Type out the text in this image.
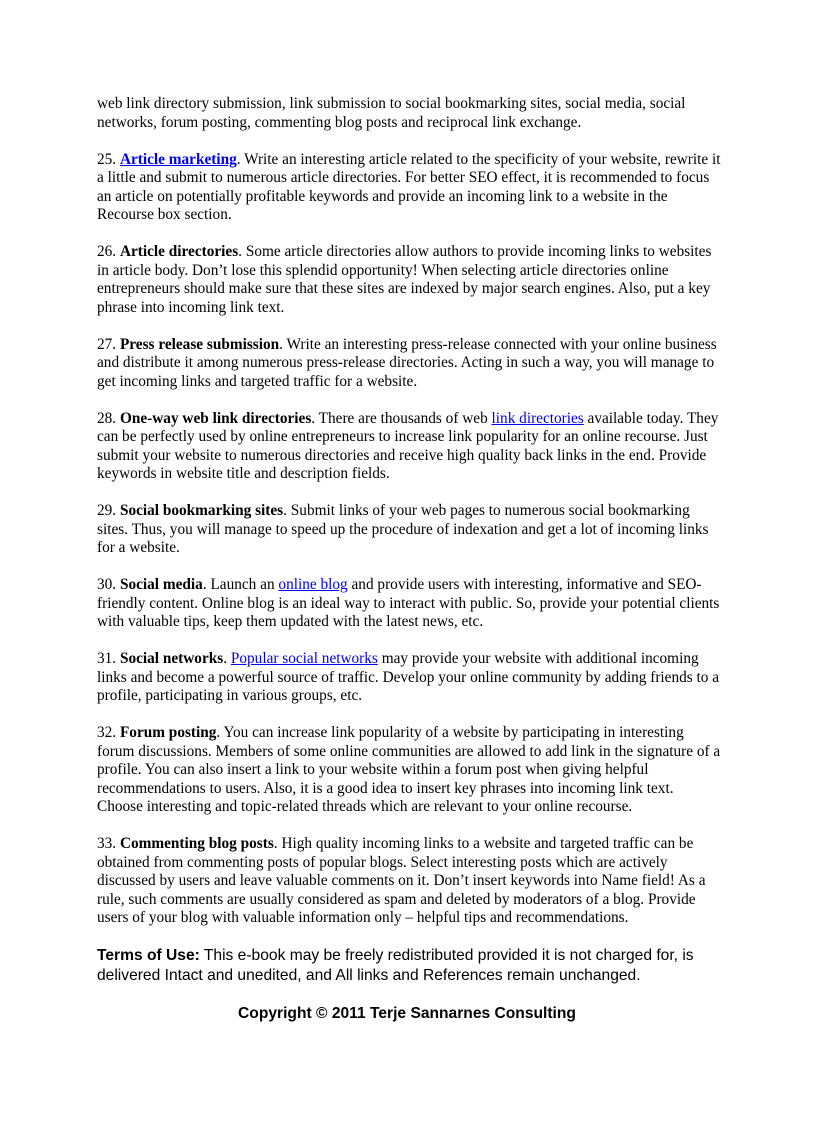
web link directory submission, link submission to social bookmarking sites, social media, social networks, forum posting, commenting blog posts and reciprocal link exchange.

25. Article marketing. Write an interesting article related to the specificity of your website, rewrite it a little and submit to numerous article directories. For better SEO effect, it is recommended to focus an article on potentially profitable keywords and provide an incoming link to a website in the Recourse box section.

26. Article directories. Some article directories allow authors to provide incoming links to websites in article body. Don’t lose this splendid opportunity! When selecting article directories online entrepreneurs should make sure that these sites are indexed by major search engines. Also, put a key phrase into incoming link text.

27. Press release submission. Write an interesting press-release connected with your online business and distribute it among numerous press-release directories. Acting in such a way, you will manage to get incoming links and targeted traffic for a website.

28. One-way web link directories. There are thousands of web link directories available today. They can be perfectly used by online entrepreneurs to increase link popularity for an online recourse. Just submit your website to numerous directories and receive high quality back links in the end. Provide keywords in website title and description fields.

29. Social bookmarking sites. Submit links of your web pages to numerous social bookmarking sites. Thus, you will manage to speed up the procedure of indexation and get a lot of incoming links for a website.

30. Social media. Launch an online blog and provide users with interesting, informative and SEO-friendly content. Online blog is an ideal way to interact with public. So, provide your potential clients with valuable tips, keep them updated with the latest news, etc.

31. Social networks. Popular social networks may provide your website with additional incoming links and become a powerful source of traffic. Develop your online community by adding friends to a profile, participating in various groups, etc.

32. Forum posting. You can increase link popularity of a website by participating in interesting forum discussions. Members of some online communities are allowed to add link in the signature of a profile. You can also insert a link to your website within a forum post when giving helpful recommendations to users. Also, it is a good idea to insert key phrases into incoming link text. Choose interesting and topic-related threads which are relevant to your online recourse.

33. Commenting blog posts. High quality incoming links to a website and targeted traffic can be obtained from commenting posts of popular blogs. Select interesting posts which are actively discussed by users and leave valuable comments on it. Don’t insert keywords into Name field! As a rule, such comments are usually considered as spam and deleted by moderators of a blog. Provide users of your blog with valuable information only – helpful tips and recommendations.

Terms of Use: This e-book may be freely redistributed provided it is not charged for, is delivered Intact and unedited, and All links and References remain unchanged.

Copyright © 2011 Terje Sannarnes Consulting
